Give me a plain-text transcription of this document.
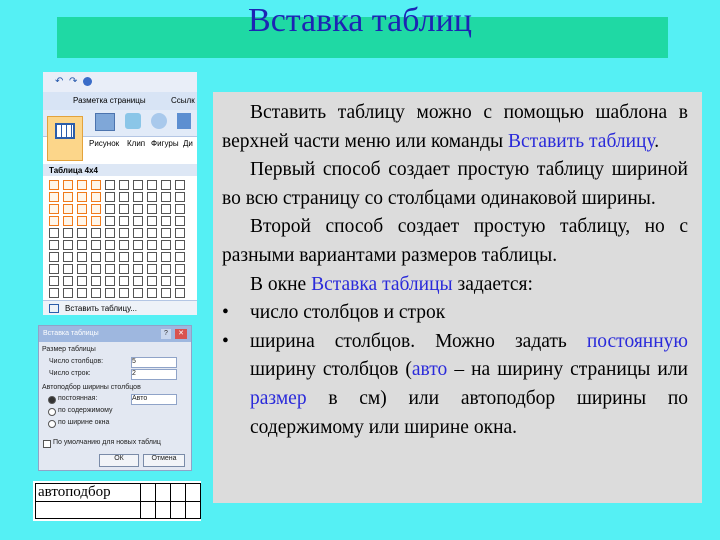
Вставка таблиц

Вставить таблицу можно с помощью шаблона в верхней части меню или команды Вставить таблицу.

Первый способ создает простую таблицу шириной во всю страницу со столбцами одинаковой ширины.

Второй способ создает простую таблицу, но с разными вариантами размеров таблицы.

В окне Вставка таблицы задается:

• число столбцов и строк

• ширина столбцов. Можно задать постоянную ширину столбцов (авто – на ширину страницы или размер в см) или автоподбор ширины по содержимому или ширине окна.

↶ ↷
Разметка страницы	Ссылк
Рисунок Клип Фигуры Ди
Таблица 4x4
Вставить таблицу...
Вставка таблицы	?	✕
Размер таблицы
Число столбцов:	5
Число строк:	2
Автоподбор ширины столбцов
постоянная:	Авто
по содержимому
по ширине окна
По умолчанию для новых таблиц
ОК	Отмена
автоподбор				
